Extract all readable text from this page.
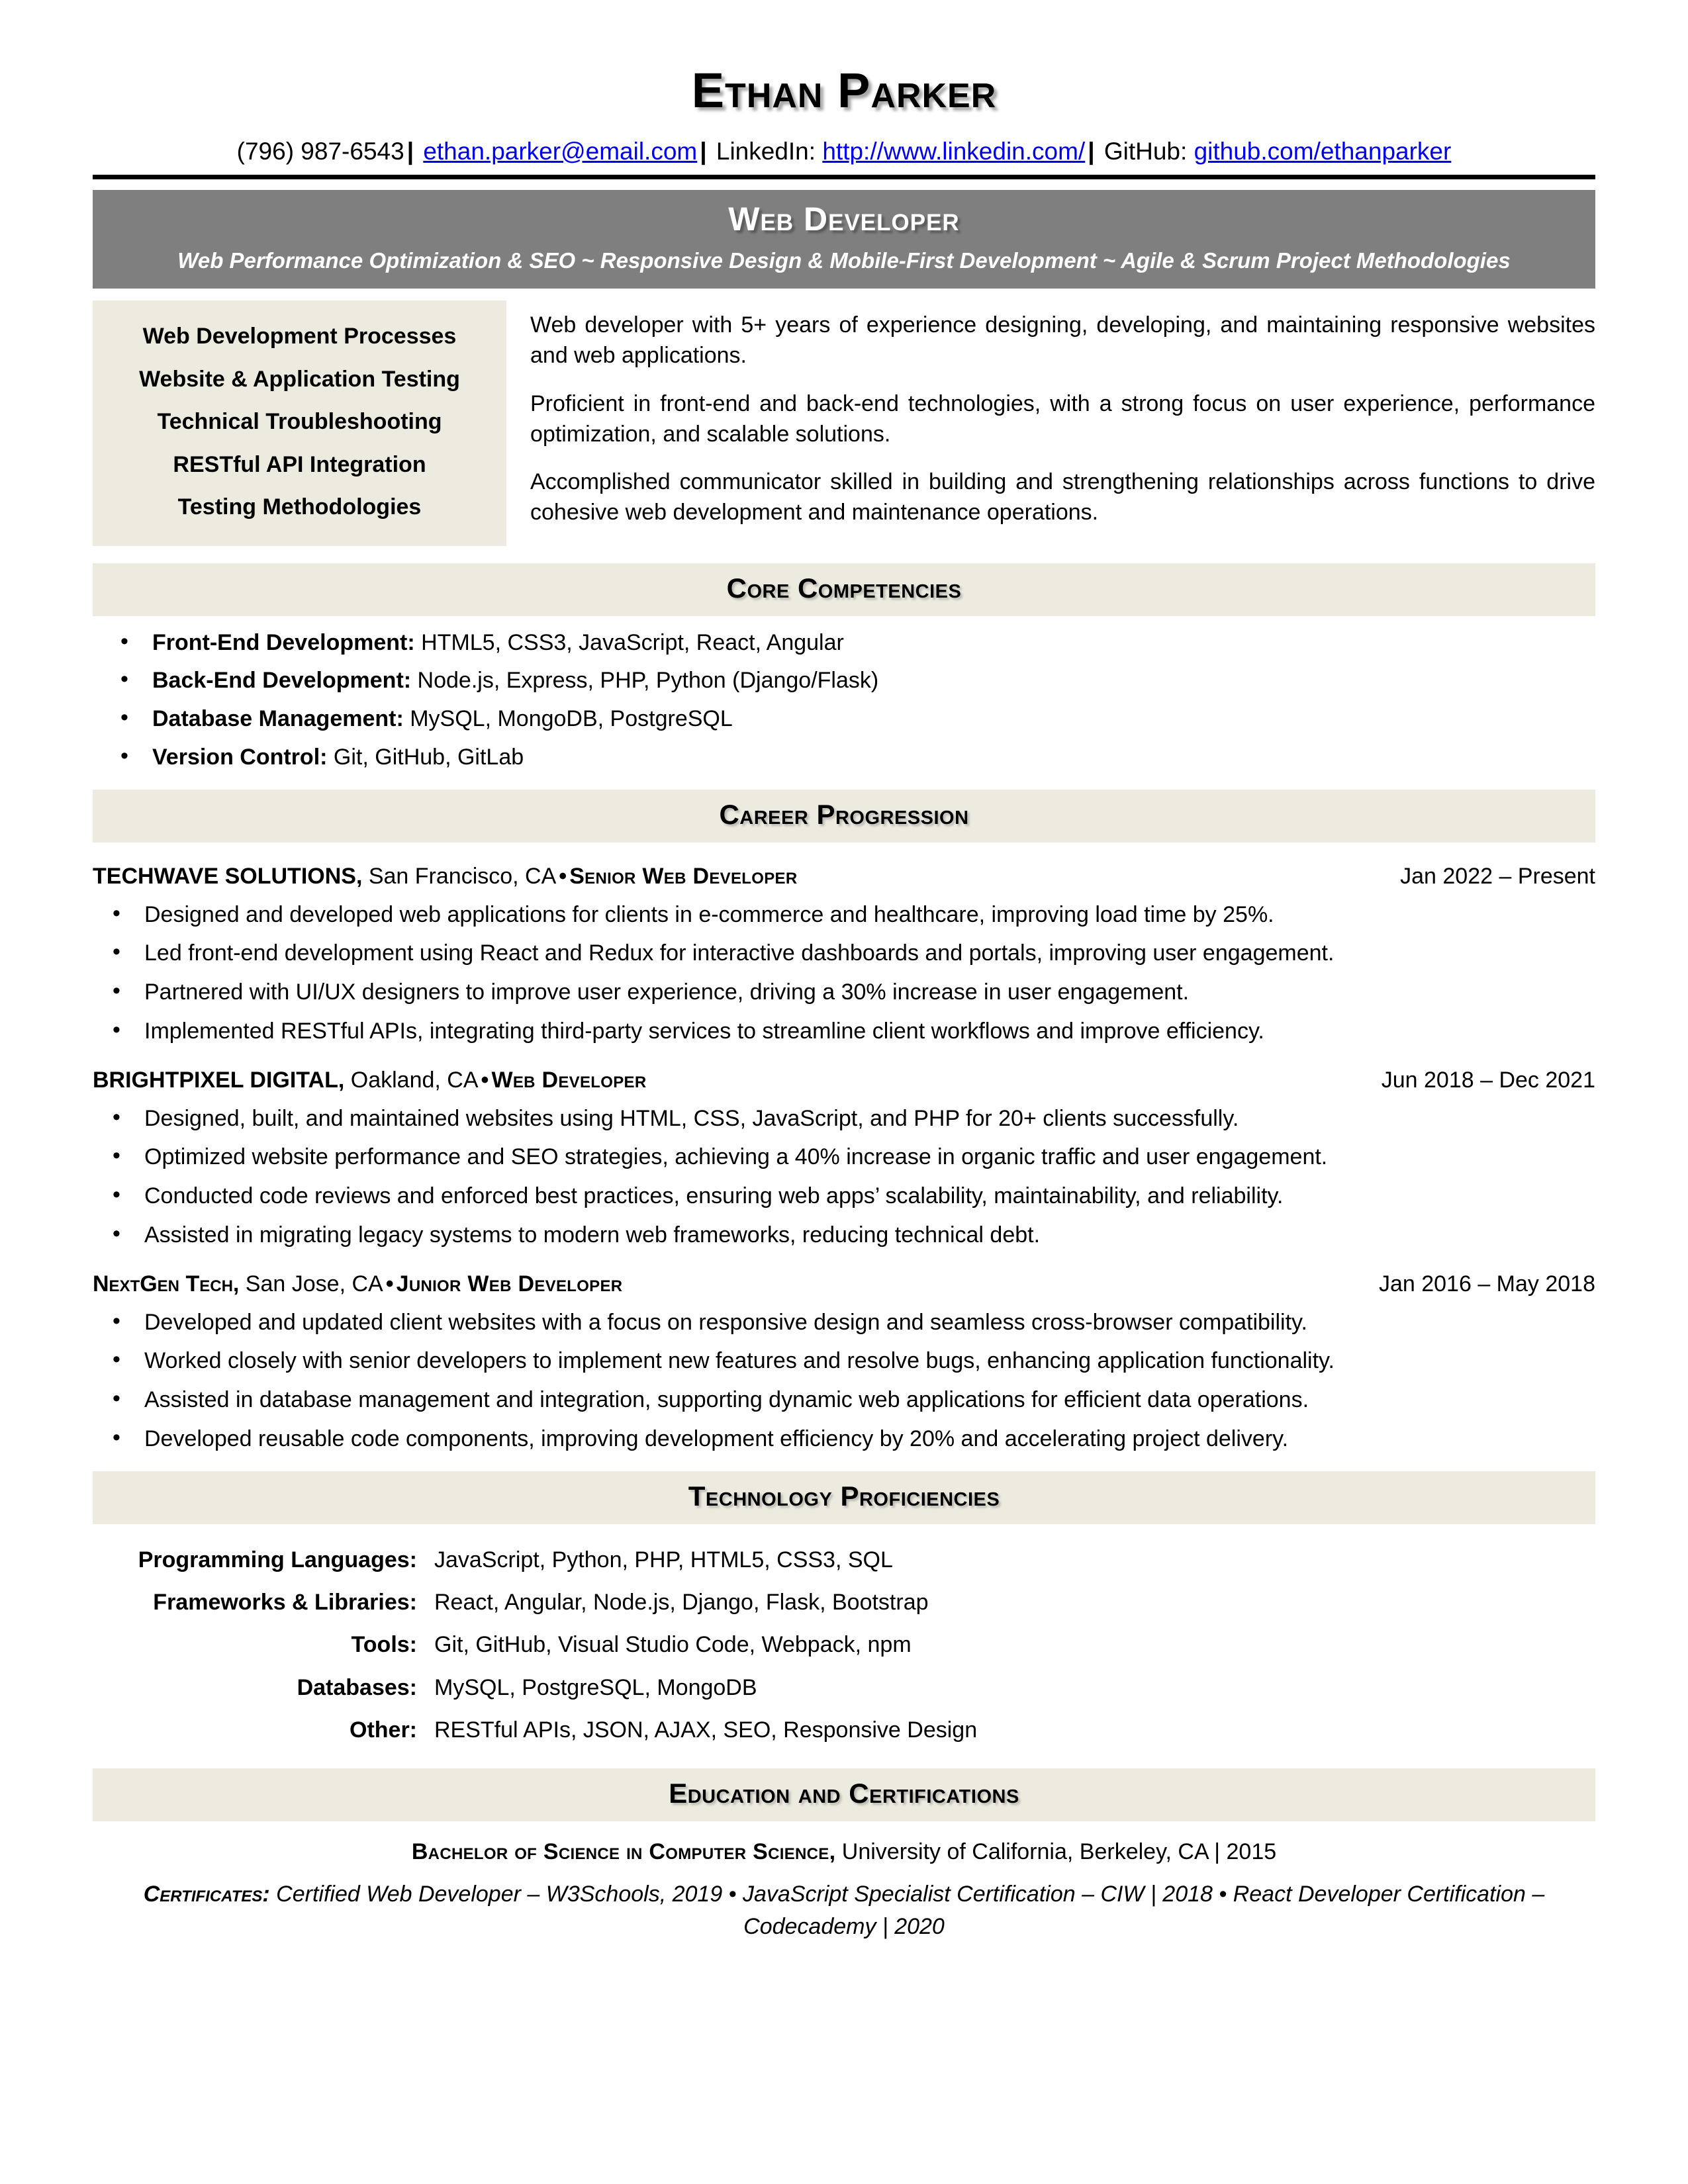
Ethan Parker
(796) 987-6543 | ethan.parker@email.com | LinkedIn: http://www.linkedin.com/ | GitHub: github.com/ethanparker
Web Developer
Web Performance Optimization & SEO ~ Responsive Design & Mobile-First Development ~ Agile & Scrum Project Methodologies
Web Development Processes
Website & Application Testing
Technical Troubleshooting
RESTful API Integration
Testing Methodologies

Web developer with 5+ years of experience designing, developing, and maintaining responsive websites and web applications.

Proficient in front-end and back-end technologies, with a strong focus on user experience, performance optimization, and scalable solutions.

Accomplished communicator skilled in building and strengthening relationships across functions to drive cohesive web development and maintenance operations.

Core Competencies
• Front-End Development: HTML5, CSS3, JavaScript, React, Angular
• Back-End Development: Node.js, Express, PHP, Python (Django/Flask)
• Database Management: MySQL, MongoDB, PostgreSQL
• Version Control: Git, GitHub, GitLab
Career Progression
TECHWAVE SOLUTIONS, San Francisco, CA • Senior Web Developer	Jan 2022 – Present
• Designed and developed web applications for clients in e-commerce and healthcare, improving load time by 25%.
• Led front-end development using React and Redux for interactive dashboards and portals, improving user engagement.
• Partnered with UI/UX designers to improve user experience, driving a 30% increase in user engagement.
• Implemented RESTful APIs, integrating third-party services to streamline client workflows and improve efficiency.
BRIGHTPIXEL DIGITAL, Oakland, CA • Web Developer	Jun 2018 – Dec 2021
• Designed, built, and maintained websites using HTML, CSS, JavaScript, and PHP for 20+ clients successfully.
• Optimized website performance and SEO strategies, achieving a 40% increase in organic traffic and user engagement.
• Conducted code reviews and enforced best practices, ensuring web apps’ scalability, maintainability, and reliability.
• Assisted in migrating legacy systems to modern web frameworks, reducing technical debt.
NextGen Tech, San Jose, CA • Junior Web Developer	Jan 2016 – May 2018
• Developed and updated client websites with a focus on responsive design and seamless cross-browser compatibility.
• Worked closely with senior developers to implement new features and resolve bugs, enhancing application functionality.
• Assisted in database management and integration, supporting dynamic web applications for efficient data operations.
• Developed reusable code components, improving development efficiency by 20% and accelerating project delivery.
Technology Proficiencies
Programming Languages:	JavaScript, Python, PHP, HTML5, CSS3, SQL
Frameworks & Libraries:	React, Angular, Node.js, Django, Flask, Bootstrap
Tools:	Git, GitHub, Visual Studio Code, Webpack, npm
Databases:	MySQL, PostgreSQL, MongoDB
Other:	RESTful APIs, JSON, AJAX, SEO, Responsive Design
Education and Certifications
Bachelor of Science in Computer Science, University of California, Berkeley, CA | 2015
Certificates: Certified Web Developer – W3Schools, 2019 • JavaScript Specialist Certification – CIW | 2018 • React Developer Certification – Codecademy | 2020
